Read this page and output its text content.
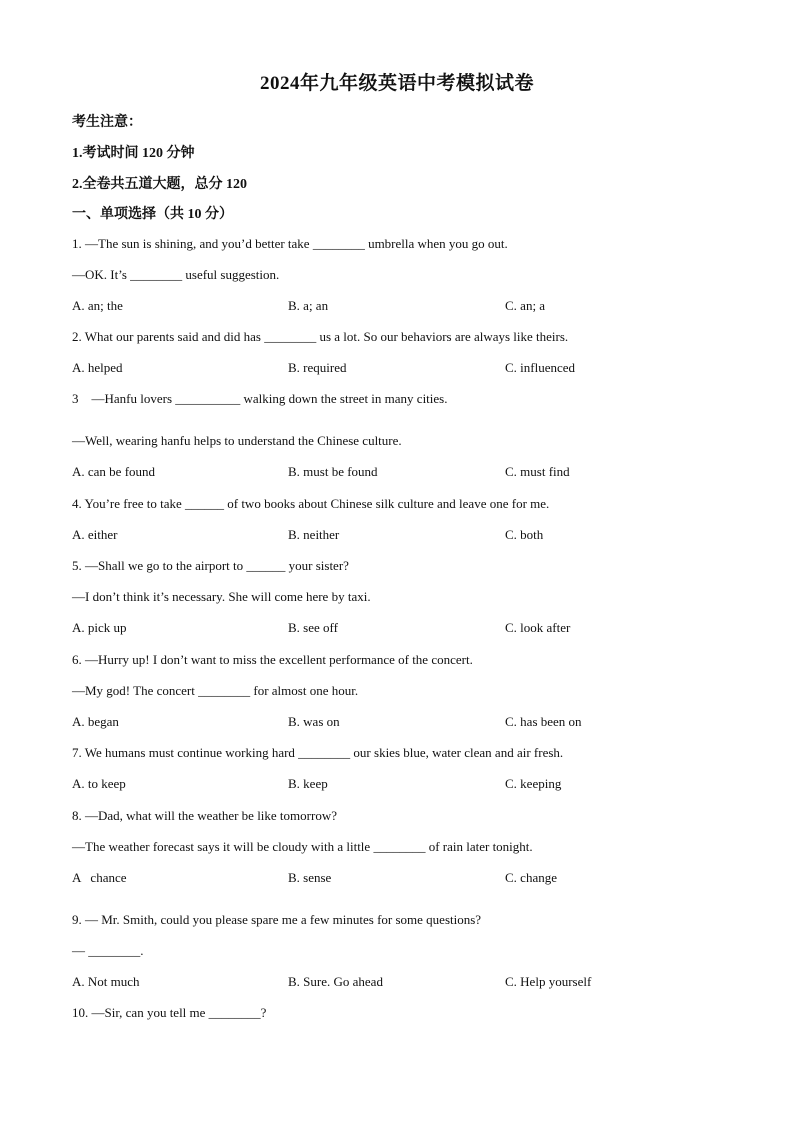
2024年九年级英语中考模拟试卷
考生注意：
1.考试时间 120 分钟
2.全卷共五道大题，总分 120
一、单项选择（共 10 分）
1. —The sun is shining, and you’d better take ________ umbrella when you go out.
—OK. It’s ________ useful suggestion.
A. an; the	B. a; an	C. an; a
2. What our parents said and did has ________ us a lot. So our behaviors are always like theirs.
A. helped	B. required	C. influenced
3    —Hanfu lovers __________ walking down the street in many cities.
—Well, wearing hanfu helps to understand the Chinese culture.
A. can be found	B. must be found	C. must find
4. You’re free to take ______ of two books about Chinese silk culture and leave one for me.
A. either	B. neither	C. both
5. —Shall we go to the airport to ______ your sister?
—I don’t think it’s necessary. She will come here by taxi.
A. pick up	B. see off	C. look after
6. —Hurry up! I don’t want to miss the excellent performance of the concert.
—My god! The concert ________ for almost one hour.
A. began	B. was on	C. has been on
7. We humans must continue working hard ________ our skies blue, water clean and air fresh.
A. to keep	B. keep	C. keeping
8. —Dad, what will the weather be like tomorrow?
—The weather forecast says it will be cloudy with a little ________ of rain later tonight.
A   chance	B. sense	C. change
9. — Mr. Smith, could you please spare me a few minutes for some questions?
— ________.
A. Not much	B. Sure. Go ahead	C. Help yourself
10. —Sir, can you tell me ________?
